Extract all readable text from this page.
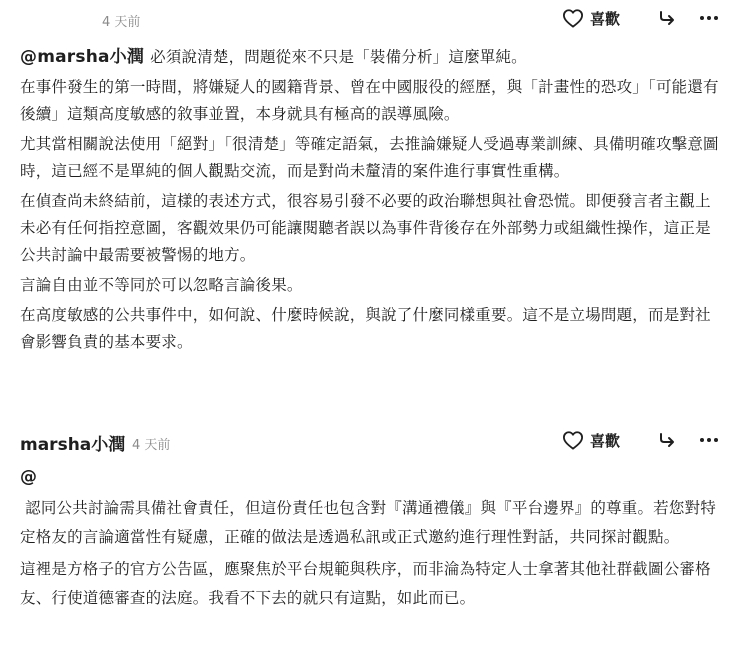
4 天前	喜歡

@marsha小潤 必須說清楚，問題從來不只是「裝備分析」這麼單純。

在事件發生的第一時間，將嫌疑人的國籍背景、曾在中國服役的經歷，與「計畫性的恐攻」「可能還有後續」這類高度敏感的敘事並置，本身就具有極高的誤導風險。

尤其當相關說法使用「絕對」「很清楚」等確定語氣，去推論嫌疑人受過專業訓練、具備明確攻擊意圖時，這已經不是單純的個人觀點交流，而是對尚未釐清的案件進行事實性重構。

在偵查尚未終結前，這樣的表述方式，很容易引發不必要的政治聯想與社會恐慌。即便發言者主觀上未必有任何指控意圖，客觀效果仍可能讓閱聽者誤以為事件背後存在外部勢力或組織性操作，這正是公共討論中最需要被警惕的地方。

言論自由並不等同於可以忽略言論後果。

在高度敏感的公共事件中，如何說、什麼時候說，與說了什麼同樣重要。這不是立場問題，而是對社會影響負責的基本要求。

marsha小潤 4 天前	喜歡

@

認同公共討論需具備社會責任，但這份責任也包含對『溝通禮儀』與『平台邊界』的尊重。若您對特定格友的言論適當性有疑慮，正確的做法是透過私訊或正式邀約進行理性對話，共同探討觀點。

這裡是方格子的官方公告區，應聚焦於平台規範與秩序，而非淪為特定人士拿著其他社群截圖公審格友、行使道德審查的法庭。我看不下去的就只有這點，如此而已。
